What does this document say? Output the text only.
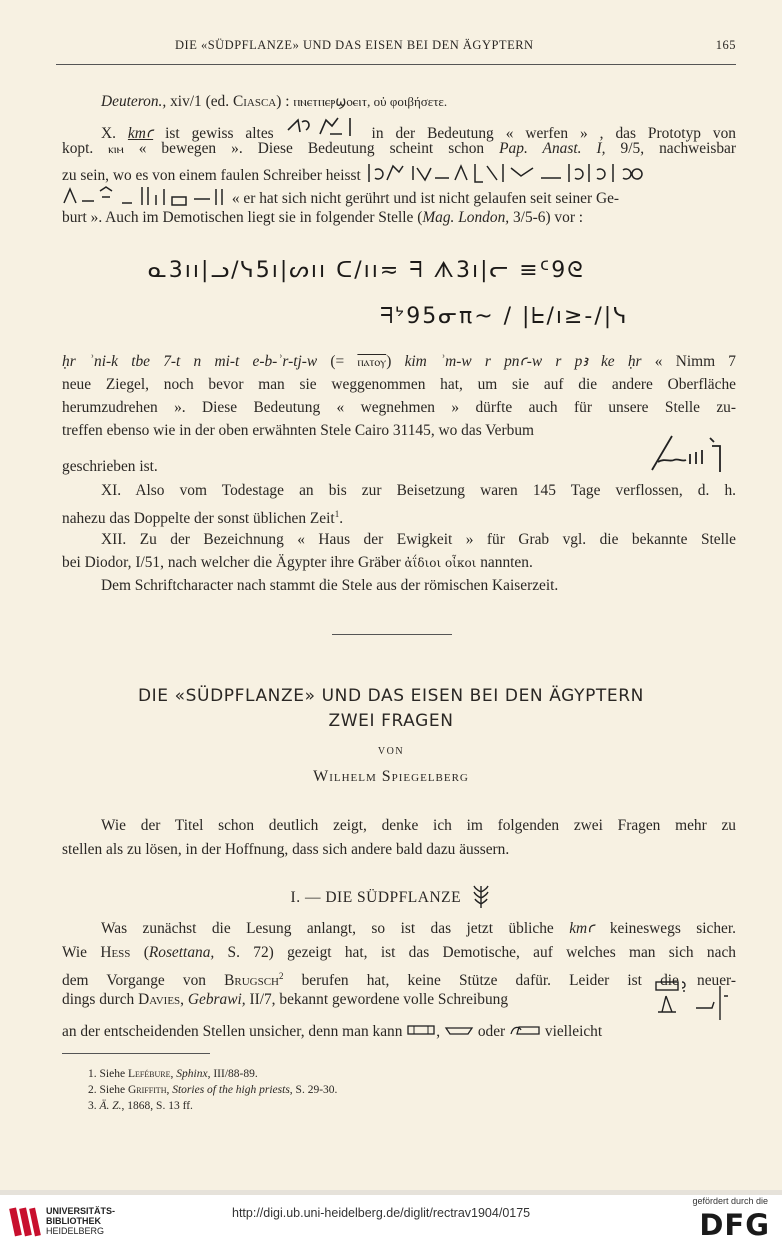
DIE «SÜDPFLANZE» UND DAS EISEN BEI DEN ÄGYPTERN	165
Deuteron., xiv/1 (ed. Ciasca) : ⲡⲛⲉⲧⲡⲉⲣϣⲟⲉⲓⲧ, οὐ φοιβήσετε.
X. kmꜥ ist gewiss altes	in der Bedeutung « werfen » , das Prototyp von
kopt. ⲕⲓⲙ « bewegen ». Diese Bedeutung scheint schon Pap. Anast. I, 9/5, nachweisbar
zu sein, wo es von einem faulen Schreiber heisst
« er hat sich nicht gerührt und ist nicht gelaufen seit seiner Ge-
burt ». Auch im Demotischen liegt sie in folgender Stelle (Mag. London, 3/5-6) vor :
ᓇ3ıı|ᓗ/ᓭ5ı|ᔕıı ᑕ/ıı≂ ᖷ ᗑ3ı|ᓕ ≡ᑦ9ᘓ
ᖷᔾ95ᓂπ~ / |ᖶ/ı≥-/|ᓭ
ḥr ʾni-k tbe 7-t n mi-t e-b-ʾr-tj-w (= ⲡⲁⲧⲟⲩ) kim ʾm-w r pnꜥ-w r pꜣ ke ḥr « Nimm 7
neue Ziegel, noch bevor man sie weggenommen hat, um sie auf die andere Oberfläche
herumzudrehen ». Diese Bedeutung « wegnehmen » dürfte auch für unsere Stelle zu-
treffen ebenso wie in der oben erwähnten Stele Cairo 31145, wo das Verbum
geschrieben ist.
XI. Also vom Todestage an bis zur Beisetzung waren 145 Tage verflossen, d. h.
nahezu das Doppelte der sonst üblichen Zeit$^1$.
XII. Zu der Bezeichnung « Haus der Ewigkeit » für Grab vgl. die bekannte Stelle
bei Diodor, I/51, nach welcher die Ägypter ihre Gräber ἀΐδιοι οἶκοι nannten.
Dem Schriftcharacter nach stammt die Stele aus der römischen Kaiserzeit.
DIE «SÜDPFLANZE» UND DAS EISEN BEI DEN ÄGYPTERN
ZWEI FRAGEN
VON
Wilhelm Spiegelberg
Wie der Titel schon deutlich zeigt, denke ich im folgenden zwei Fragen mehr zu
stellen als zu lösen, in der Hoffnung, dass sich andere bald dazu äussern.
I. — DIE SÜDPFLANZE
Was zunächst die Lesung anlangt, so ist das jetzt übliche kmꜥ keineswegs sicher.
Wie Hess (Rosettana, S. 72) gezeigt hat, ist das Demotische, auf welches man sich nach
dem Vorgange von Brugsch$^2$ berufen hat, keine Stütze dafür. Leider ist die neuer-
dings durch Davies, Gebrawi, II/7, bekannt gewordene volle Schreibung
an der entscheidenden Stellen unsicher, denn man kann ,  oder  vielleicht
1. Siehe Lefébure, Sphinx, III/88-89.
2. Siehe Griffith, Stories of the high priests, S. 29-30.
3. Ä. Z., 1868, S. 13 ff.
UNIVERSITÄTS-
BIBLIOTHEK
HEIDELBERG
http://digi.ub.uni-heidelberg.de/diglit/rectrav1904/0175
gefördert durch die
DFG
